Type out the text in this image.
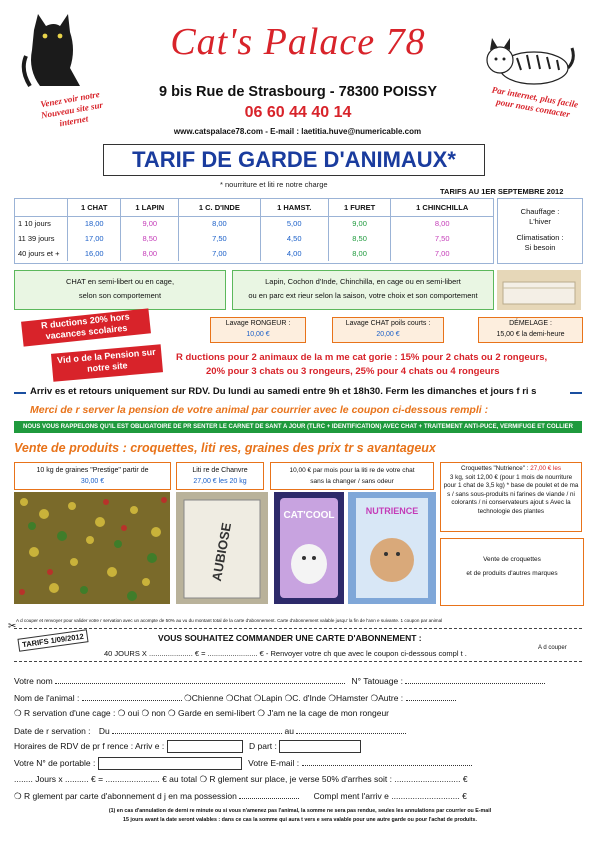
Cat's Palace 78
9 bis Rue de Strasbourg - 78300 POISSY
06 60 44 40 14
www.catspalace78.com - E-mail : laetitia.huve@numericable.com
Venez voir notre Nouveau site sur internet
Par internet, plus facile pour nous contacter
TARIF DE GARDE D'ANIMAUX*
* nourriture et liti re notre charge
TARIFS AU 1ER SEPTEMBRE 2012
	1 CHAT	1 LAPIN	1 C. D'INDE	1 HAMST.	1 FURET	1 CHINCHILLA
1 10 jours	18,00	9,00	8,00	5,00	9,00	8,00
11 39 jours	17,00	8,50	7,50	4,50	8,50	7,50
40 jours et +	16,00	8,00	7,00	4,00	8,00	7,00
Chauffage :
L'hiver
Climatisation :
Si besoin
CHAT en semi-libert ou en cage,
selon son comportement
Lapin, Cochon d'Inde, Chinchilla, en cage ou en semi-libert
ou en parc ext rieur selon la saison, votre choix et son comportement
R ductions 20% hors vacances scolaires	Lavage RONGEUR :
10,00 €
Lavage CHAT poils courts :
20,00 €
DÉMELAGE :
15,00 € la demi-heure
Vid o de la Pension sur notre site
R ductions pour 2 animaux de la m me cat gorie : 15% pour 2 chats ou 2 rongeurs,
20% pour 3 chats ou 3 rongeurs, 25% pour 4 chats ou 4 rongeurs
Arriv es et retours uniquement sur RDV. Du lundi au samedi entre 9h et 18h30. Ferm les dimanches et jours f ri s
Merci de r server la pension de votre animal par courrier avec le coupon ci-dessous rempli :
NOUS VOUS RAPPELONS QU'IL EST OBLIGATOIRE DE PR SENTER LE CARNET DE SANT A JOUR (TLRC + IDENTIFICATION) AVEC CHAT + TRAITEMENT ANTI-PUCE, VERMIFUGE ET COLLIER
Vente de produits : croquettes, liti res, graines des prix tr s avantageux
10 kg de graines "Prestige" partir de
30,00 €
Liti re de Chanvre
27,00 € les 20 kg
10,00 € par mois pour la liti re de votre chat
sans la changer / sans odeur
Croquettes "Nutrience" : 27,00 € les
3 kg, soit 12,00 € (pour 1 mois de nourriture pour 1 chat de 3,5 kg) * base de poulet et de ma s / sans sous-produits ni farines de viande / ni colorants / ni conservateurs ajout s Avec la technologie des plantes
AUBIOSE
CAT'COOL	NUTRIENCE
Vente de croquettes
et de produits d'autres marques
A d couper et renvoyer pour valider votre r servation avec un acompte de 50% au vu du montant total de la carte d'abonnement. Carte d'abonnement valable jusqu' la fin de l'ann e suivante. 1 coupon par animal
✂
TARIFS 1/09/2012	A d couper
VOUS SOUHAITEZ COMMANDER UNE CARTE D'ABONNEMENT :
40 JOURS X ..................... € = ........................ € - Renvoyer votre ch que avec le coupon ci-dessous compl t .
Votre nom	N° Tatouage :
Nom de l'animal :	❍Chienne ❍Chat ❍Lapin ❍C. d'Inde ❍Hamster ❍Autre :
❍ R servation d'une cage : ❍ oui ❍ non ❍ Garde en semi-libert ❍ J'am ne la cage de mon rongeur
Date de r servation : Du	au
Horaires de RDV de pr f rence : Arriv e :	D part :
Votre N° de portable :	Votre E-mail :
........ Jours x .......... € = ....................... € au total ❍ R glement sur place, je verse 50% d'arrhes soit : ............................ €
❍ R glement par carte d'abonnement d j en ma possession	Compl ment l'arriv e ............................. €
(1) en cas d'annulation de derni re minute ou si vous n'amenez pas l'animal, la somme ne sera pas rendue, seules les annulations par courrier ou E-mail
15 jours avant la date seront valables : dans ce cas la somme qui aura t vers e sera valable pour une autre garde ou pour l'achat de produits.
